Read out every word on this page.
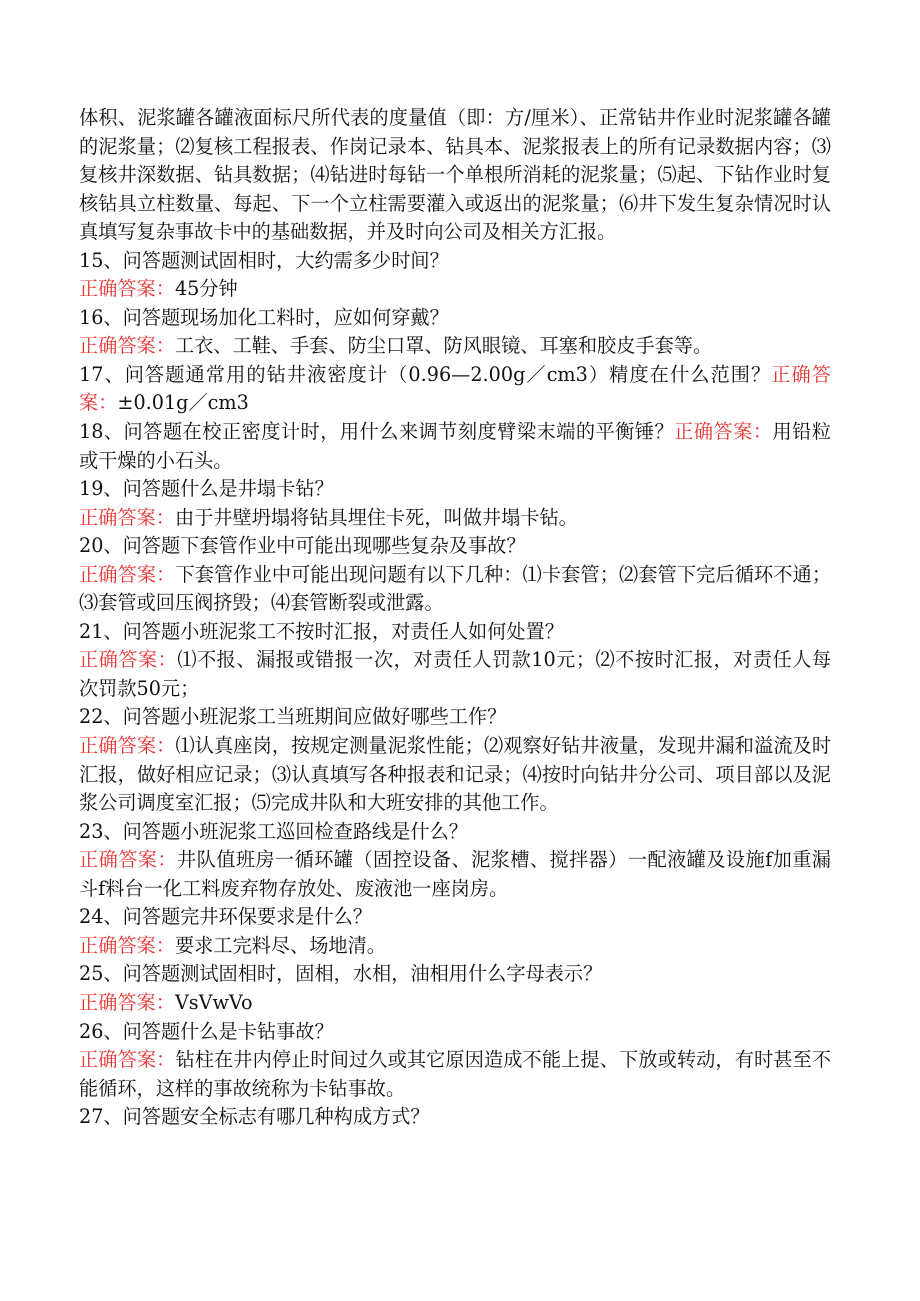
体积、泥浆罐各罐液面标尺所代表的度量值（即：方/厘米）、正常钻井作业时泥浆罐各罐的泥浆量；⑵复核工程报表、作岗记录本、钻具本、泥浆报表上的所有记录数据内容；⑶复核井深数据、钻具数据；⑷钻进时每钻一个单根所消耗的泥浆量；⑸起、下钻作业时复核钻具立柱数量、每起、下一个立柱需要灌入或返出的泥浆量；⑹井下发生复杂情况时认真填写复杂事故卡中的基础数据，并及时向公司及相关方汇报。

15、问答题测试固相时，大约需多少时间？

正确答案：45分钟

16、问答题现场加化工料时，应如何穿戴？

正确答案：工衣、工鞋、手套、防尘口罩、防风眼镜、耳塞和胶皮手套等。

17、问答题通常用的钻井液密度计（0.96—2.00g／cm3）精度在什么范围？正确答案：±0.01g／cm3

18、问答题在校正密度计时，用什么来调节刻度臂梁末端的平衡锤？正确答案：用铅粒或干燥的小石头。

19、问答题什么是井塌卡钻？

正确答案：由于井壁坍塌将钻具埋住卡死，叫做井塌卡钻。

20、问答题下套管作业中可能出现哪些复杂及事故？

正确答案：下套管作业中可能出现问题有以下几种：⑴卡套管；⑵套管下完后循环不通；⑶套管或回压阀挤毁；⑷套管断裂或泄露。

21、问答题小班泥浆工不按时汇报，对责任人如何处置？

正确答案：⑴不报、漏报或错报一次，对责任人罚款10元；⑵不按时汇报，对责任人每次罚款50元；

22、问答题小班泥浆工当班期间应做好哪些工作？

正确答案：⑴认真座岗，按规定测量泥浆性能；⑵观察好钻井液量，发现井漏和溢流及时汇报，做好相应记录；⑶认真填写各种报表和记录；⑷按时向钻井分公司、项目部以及泥浆公司调度室汇报；⑸完成井队和大班安排的其他工作。

23、问答题小班泥浆工巡回检查路线是什么？

正确答案：井队值班房一循环罐（固控设备、泥浆槽、搅拌器）一配液罐及设施f加重漏斗f料台一化工料废弃物存放处、废液池一座岗房。

24、问答题完井环保要求是什么？

正确答案：要求工完料尽、场地清。

25、问答题测试固相时，固相，水相，油相用什么字母表示？

正确答案：VsVwVo

26、问答题什么是卡钻事故？

正确答案：钻柱在井内停止时间过久或其它原因造成不能上提、下放或转动，有时甚至不能循环，这样的事故统称为卡钻事故。

27、问答题安全标志有哪几种构成方式？
